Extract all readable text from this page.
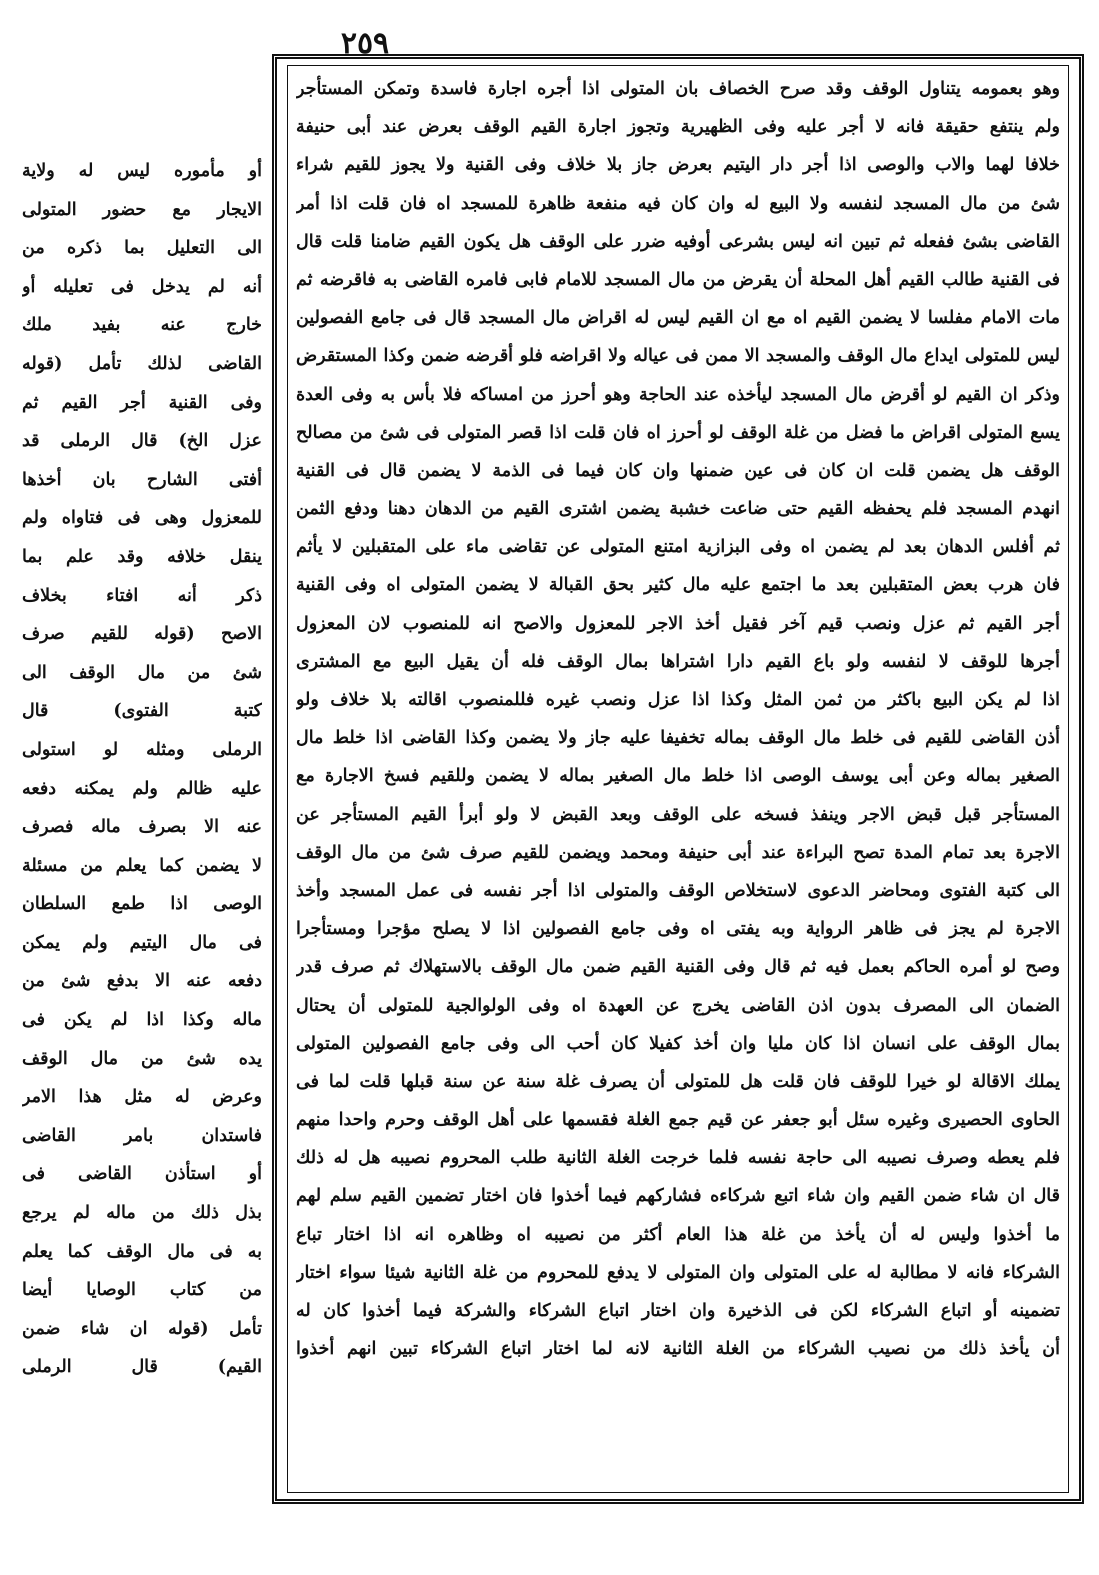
٢٥٩
أو مأموره ليس له ولاية
الايجار مع حضور المتولى
الى التعليل بما ذكره من
أنه لم يدخل فى تعليله أو
خارج عنه بفيد ملك
القاضى لذلك تأمل (قوله
وفى القنية أجر القيم ثم
عزل الخ) قال الرملى قد
أفتى الشارح بان أخذها
للمعزول وهى فى فتاواه ولم
ينقل خلافه وقد علم بما
ذكر أنه افتاء بخلاف
الاصح (قوله للقيم صرف
شئ من مال الوقف الى
كتبة الفتوى) قال
الرملى ومثله لو استولى
عليه ظالم ولم يمكنه دفعه
عنه الا بصرف ماله فصرف
لا يضمن كما يعلم من مسئلة
الوصى اذا طمع السلطان
فى مال اليتيم ولم يمكن
دفعه عنه الا بدفع شئ من
ماله وكذا اذا لم يكن فى
يده شئ من مال الوقف
وعرض له مثل هذا الامر
فاستدان بامر القاضى
أو استأذن القاضى فى
بذل ذلك من ماله لم يرجع
به فى مال الوقف كما يعلم
من كتاب الوصايا أيضا
تأمل (قوله ان شاء ضمن
القيم) قال الرملى
وهو بعمومه يتناول الوقف وقد صرح الخصاف بان المتولى اذا أجره اجارة فاسدة وتمكن المستأجر
ولم ينتفع حقيقة فانه لا أجر عليه وفى الظهيرية وتجوز اجارة القيم الوقف بعرض عند أبى حنيفة
خلافا لهما والاب والوصى اذا أجر دار اليتيم بعرض جاز بلا خلاف وفى القنية ولا يجوز للقيم شراء
شئ من مال المسجد لنفسه ولا البيع له وان كان فيه منفعة ظاهرة للمسجد اه فان قلت اذا أمر
القاضى بشئ ففعله ثم تبين انه ليس بشرعى أوفيه ضرر على الوقف هل يكون القيم ضامنا قلت قال
فى القنية طالب القيم أهل المحلة أن يقرض من مال المسجد للامام فابى فامره القاضى به فاقرضه ثم
مات الامام مفلسا لا يضمن القيم اه مع ان القيم ليس له اقراض مال المسجد قال فى جامع الفصولين
ليس للمتولى ايداع مال الوقف والمسجد الا ممن فى عياله ولا اقراضه فلو أقرضه ضمن وكذا المستقرض
وذكر ان القيم لو أقرض مال المسجد ليأخذه عند الحاجة وهو أحرز من امساكه فلا بأس به وفى العدة
يسع المتولى اقراض ما فضل من غلة الوقف لو أحرز اه فان قلت اذا قصر المتولى فى شئ من مصالح
الوقف هل يضمن قلت ان كان فى عين ضمنها وان كان فيما فى الذمة لا يضمن قال فى القنية
انهدم المسجد فلم يحفظه القيم حتى ضاعت خشبة يضمن اشترى القيم من الدهان دهنا ودفع الثمن
ثم أفلس الدهان بعد لم يضمن اه وفى البزازية امتنع المتولى عن تقاضى ماء على المتقبلين لا يأثم
فان هرب بعض المتقبلين بعد ما اجتمع عليه مال كثير بحق القبالة لا يضمن المتولى اه وفى القنية
أجر القيم ثم عزل ونصب قيم آخر فقيل أخذ الاجر للمعزول والاصح انه للمنصوب لان المعزول
أجرها للوقف لا لنفسه ولو باع القيم دارا اشتراها بمال الوقف فله أن يقيل البيع مع المشترى
اذا لم يكن البيع باكثر من ثمن المثل وكذا اذا عزل ونصب غيره فللمنصوب اقالته بلا خلاف ولو
أذن القاضى للقيم فى خلط مال الوقف بماله تخفيفا عليه جاز ولا يضمن وكذا القاضى اذا خلط مال
الصغير بماله وعن أبى يوسف الوصى اذا خلط مال الصغير بماله لا يضمن وللقيم فسخ الاجارة مع
المستأجر قبل قبض الاجر وينفذ فسخه على الوقف وبعد القبض لا ولو أبرأ القيم المستأجر عن
الاجرة بعد تمام المدة تصح البراءة عند أبى حنيفة ومحمد ويضمن للقيم صرف شئ من مال الوقف
الى كتبة الفتوى ومحاضر الدعوى لاستخلاص الوقف والمتولى اذا أجر نفسه فى عمل المسجد وأخذ
الاجرة لم يجز فى ظاهر الرواية وبه يفتى اه وفى جامع الفصولين اذا لا يصلح مؤجرا ومستأجرا
وصح لو أمره الحاكم بعمل فيه ثم قال وفى القنية القيم ضمن مال الوقف بالاستهلاك ثم صرف قدر
الضمان الى المصرف بدون اذن القاضى يخرج عن العهدة اه وفى الولوالجية للمتولى أن يحتال
بمال الوقف على انسان اذا كان مليا وان أخذ كفيلا كان أحب الى وفى جامع الفصولين المتولى
يملك الاقالة لو خيرا للوقف فان قلت هل للمتولى أن يصرف غلة سنة عن سنة قبلها قلت لما فى
الحاوى الحصيرى وغيره سئل أبو جعفر عن قيم جمع الغلة فقسمها على أهل الوقف وحرم واحدا منهم
فلم يعطه وصرف نصيبه الى حاجة نفسه فلما خرجت الغلة الثانية طلب المحروم نصيبه هل له ذلك
قال ان شاء ضمن القيم وان شاء اتبع شركاءه فشاركهم فيما أخذوا فان اختار تضمين القيم سلم لهم
ما أخذوا وليس له أن يأخذ من غلة هذا العام أكثر من نصيبه اه وظاهره انه اذا اختار تباع
الشركاء فانه لا مطالبة له على المتولى وان المتولى لا يدفع للمحروم من غلة الثانية شيئا سواء اختار
تضمينه أو اتباع الشركاء لكن فى الذخيرة وان اختار اتباع الشركاء والشركة فيما أخذوا كان له
أن يأخذ ذلك من نصيب الشركاء من الغلة الثانية لانه لما اختار اتباع الشركاء تبين انهم أخذوا
